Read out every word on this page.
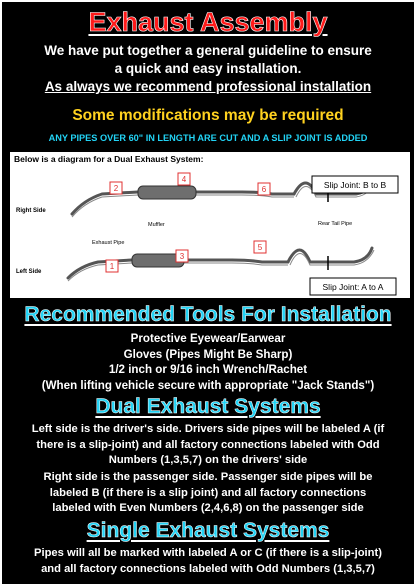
Exhaust Assembly
We have put together a general guideline to ensure
a quick and easy installation.
As always we recommend professional installation
Some modifications may be required
ANY PIPES OVER 60" IN LENGTH ARE CUT AND A SLIP JOINT IS ADDED
Below is a diagram for a Dual Exhaust System:
Right Side
Left Side
Exhaust Pipe
Muffler	Rear Tail Pipe
2
4
6
1
3
5
Slip Joint: B to B
Slip Joint: A to A
Recommended Tools For Installation
Protective Eyewear/Earwear
Gloves (Pipes Might Be Sharp)
1/2 inch or 9/16 inch Wrench/Rachet
(When lifting vehicle secure with appropriate "Jack Stands")
Dual Exhaust Systems
Left side is the driver's side. Drivers side pipes will be labeled A (if
there is a slip-joint) and all factory connections labeled with Odd
Numbers (1,3,5,7) on the drivers' side
Right side is the passenger side. Passenger side pipes will be
labeled B (if there is a slip joint) and all factory connections
labeled with Even Numbers (2,4,6,8) on the passenger side
Single Exhaust Systems
Pipes will all be marked with labeled A or C (if there is a slip-joint)
and all factory connections labeled with Odd Numbers (1,3,5,7)
